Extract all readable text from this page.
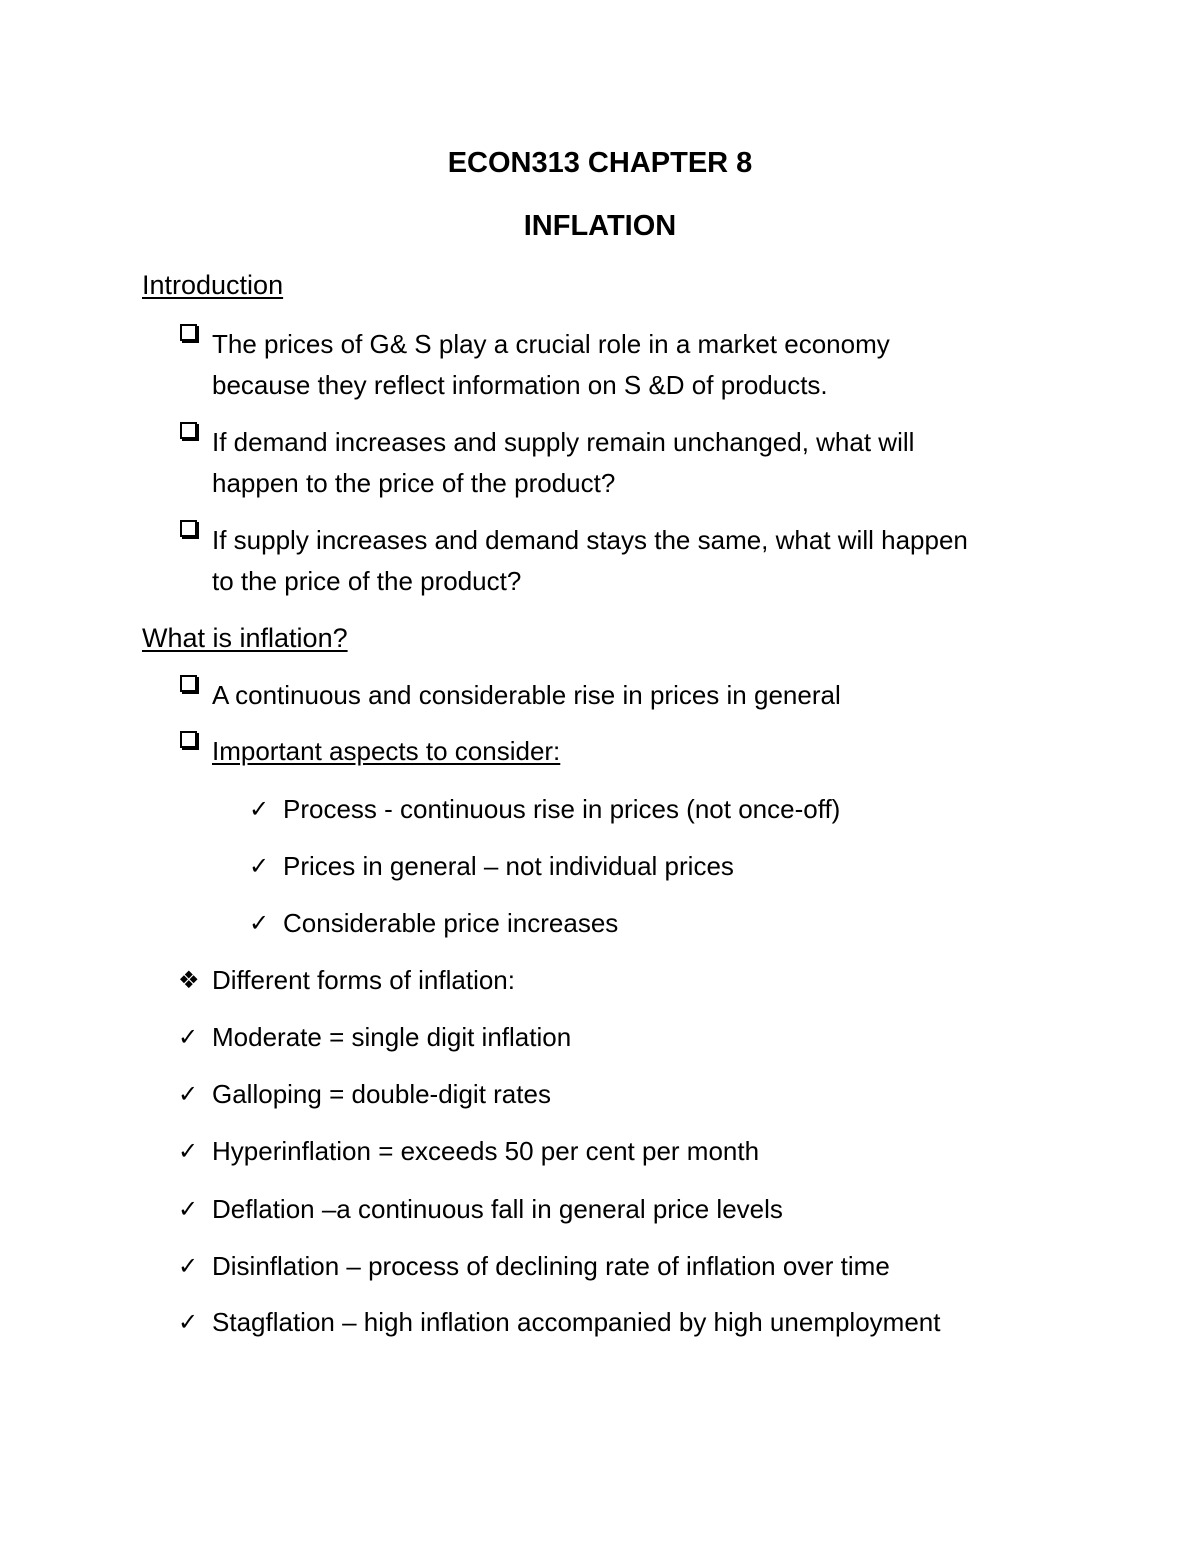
ECON313 CHAPTER 8
INFLATION
Introduction
The prices of G& S play a crucial role in a market economy
because they reflect information on S &D of products.
If demand increases and supply remain unchanged, what will
happen to the price of the product?
If supply increases and demand stays the same, what will happen
to the price of the product?
What is inflation?
A continuous and considerable rise in prices in general
Important aspects to consider:
✓ Process - continuous rise in prices (not once-off)
✓ Prices in general – not individual prices
✓ Considerable price increases
❖ Different forms of inflation:
✓ Moderate = single digit inflation
✓ Galloping = double-digit rates
✓ Hyperinflation = exceeds 50 per cent per month
✓ Deflation –a continuous fall in general price levels
✓ Disinflation – process of declining rate of inflation over time
✓ Stagflation – high inflation accompanied by high unemployment
